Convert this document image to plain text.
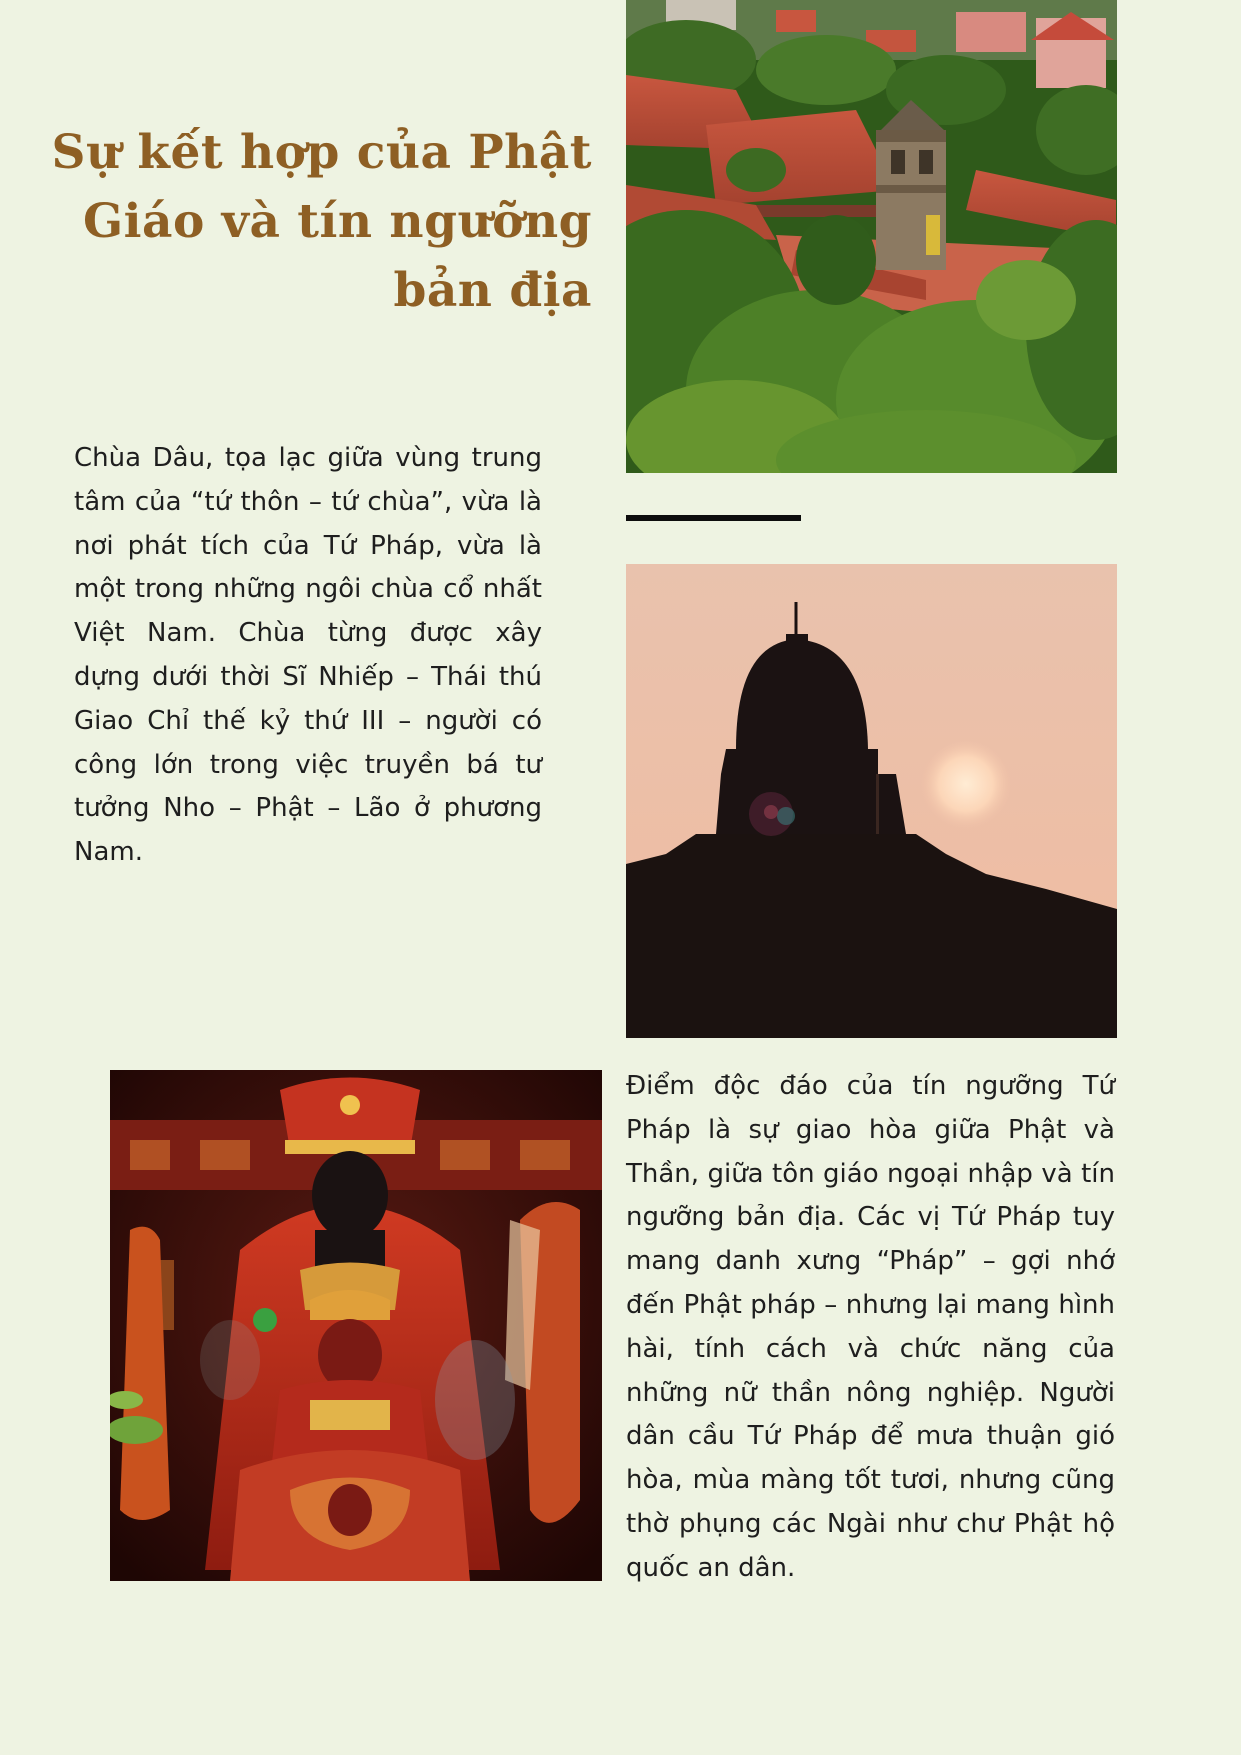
Sự kết hợp của Phật
Giáo và tín ngưỡng
bản địa

Chùa Dâu, tọa lạc giữa vùng trung tâm của “tứ thôn – tứ chùa”, vừa là nơi phát tích của Tứ Pháp, vừa là một trong những ngôi chùa cổ nhất Việt Nam. Chùa từng được xây dựng dưới thời Sĩ Nhiếp – Thái thú Giao Chỉ thế kỷ thứ III – người có công lớn trong việc truyền bá tư tưởng Nho – Phật – Lão ở phương Nam.

Điểm độc đáo của tín ngưỡng Tứ Pháp là sự giao hòa giữa Phật và Thần, giữa tôn giáo ngoại nhập và tín ngưỡng bản địa. Các vị Tứ Pháp tuy mang danh xưng “Pháp” – gợi nhớ đến Phật pháp – nhưng lại mang hình hài, tính cách và chức năng của những nữ thần nông nghiệp. Người dân cầu Tứ Pháp để mưa thuận gió hòa, mùa màng tốt tươi, nhưng cũng thờ phụng các Ngài như chư Phật hộ quốc an dân.
